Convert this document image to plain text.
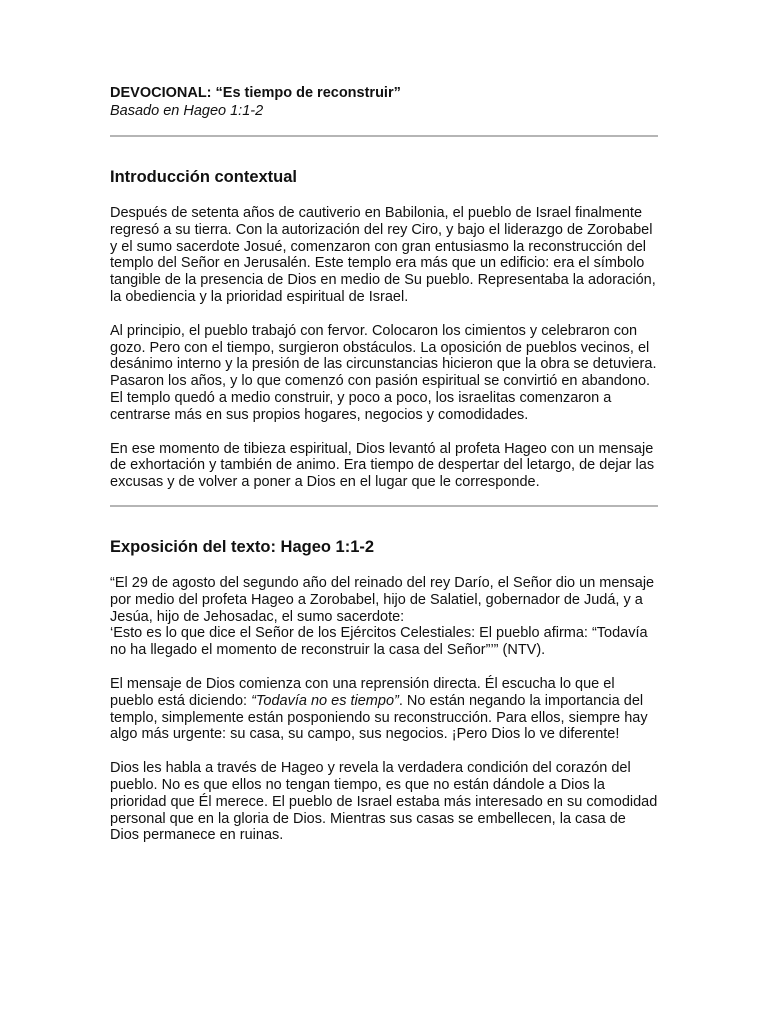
DEVOCIONAL: “Es tiempo de reconstruir”

Basado en Hageo 1:1-2

Introducción contextual

Después de setenta años de cautiverio en Babilonia, el pueblo de Israel finalmente regresó a su tierra. Con la autorización del rey Ciro, y bajo el liderazgo de Zorobabel y el sumo sacerdote Josué, comenzaron con gran entusiasmo la reconstrucción del templo del Señor en Jerusalén. Este templo era más que un edificio: era el símbolo tangible de la presencia de Dios en medio de Su pueblo. Representaba la adoración, la obediencia y la prioridad espiritual de Israel.

Al principio, el pueblo trabajó con fervor. Colocaron los cimientos y celebraron con gozo. Pero con el tiempo, surgieron obstáculos. La oposición de pueblos vecinos, el desánimo interno y la presión de las circunstancias hicieron que la obra se detuviera. Pasaron los años, y lo que comenzó con pasión espiritual se convirtió en abandono. El templo quedó a medio construir, y poco a poco, los israelitas comenzaron a centrarse más en sus propios hogares, negocios y comodidades.

En ese momento de tibieza espiritual, Dios levantó al profeta Hageo con un mensaje de exhortación y también de animo. Era tiempo de despertar del letargo, de dejar las excusas y de volver a poner a Dios en el lugar que le corresponde.

Exposición del texto: Hageo 1:1-2

“El 29 de agosto del segundo año del reinado del rey Darío, el Señor dio un mensaje por medio del profeta Hageo a Zorobabel, hijo de Salatiel, gobernador de Judá, y a Jesúa, hijo de Jehosadac, el sumo sacerdote:
‘Esto es lo que dice el Señor de los Ejércitos Celestiales: El pueblo afirma: “Todavía no ha llegado el momento de reconstruir la casa del Señor”’” (NTV).

El mensaje de Dios comienza con una reprensión directa. Él escucha lo que el pueblo está diciendo: “Todavía no es tiempo”. No están negando la importancia del templo, simplemente están posponiendo su reconstrucción. Para ellos, siempre hay algo más urgente: su casa, su campo, sus negocios. ¡Pero Dios lo ve diferente!

Dios les habla a través de Hageo y revela la verdadera condición del corazón del pueblo. No es que ellos no tengan tiempo, es que no están dándole a Dios la prioridad que Él merece. El pueblo de Israel estaba más interesado en su comodidad personal que en la gloria de Dios. Mientras sus casas se embellecen, la casa de Dios permanece en ruinas.
